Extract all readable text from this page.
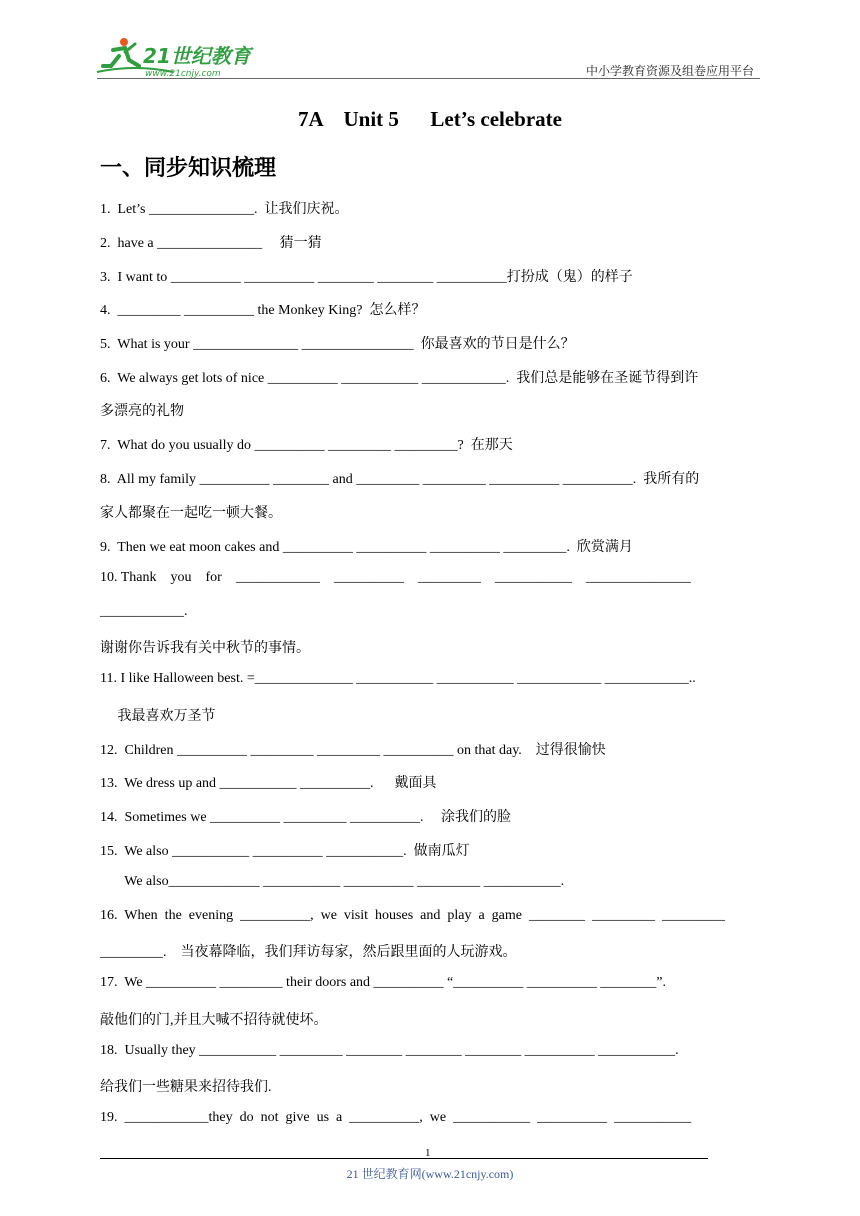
21世纪教育
www.21cnjy.com	中小学教育资源及组卷应用平台
7A    Unit 5      Let’s celebrate
一、同步知识梳理
1.  Let’s _______________.  让我们庆祝。
2.  have a _______________     猜一猜
3.  I want to __________ __________ ________ ________ __________打扮成（鬼）的样子
4.  _________ __________ the Monkey King?  怎么样？
5.  What is your _______________ ________________  你最喜欢的节日是什么？
6.  We always get lots of nice __________ ___________ ____________.  我们总是能够在圣诞节得到许
多漂亮的礼物
7.  What do you usually do __________ _________ _________?  在那天
8.  All my family __________ ________ and _________ _________ __________ __________.  我所有的
家人都聚在一起吃一顿大餐。
9.  Then we eat moon cakes and __________ __________ __________ _________.  欣赏满月
10. Thank    you    for    ____________    __________    _________    ___________    _______________
____________.
谢谢你告诉我有关中秋节的事情。
11. I like Halloween best. =______________ ___________ ___________ ____________ ____________..
我最喜欢万圣节
12.  Children __________ _________ _________ __________ on that day.    过得很愉快
13.  We dress up and ___________ __________.      戴面具
14.  Sometimes we __________ _________ __________.     涂我们的脸
15.  We also ___________ __________ ___________.  做南瓜灯
We also_____________ ___________ __________ _________ ___________.
16.  When  the  evening  __________,  we  visit  houses  and  play  a  game  ________  _________  _________
_________.    当夜幕降临，我们拜访每家，然后跟里面的人玩游戏。
17.  We __________ _________ their doors and __________ “__________ __________ ________”.
敲他们的门,并且大喊不招待就使坏。
18.  Usually they ___________ _________ ________ ________ ________ __________ ___________.
给我们一些糖果来招待我们.
19.  ____________they  do  not  give  us  a  __________,  we  ___________  __________  ___________
1
21 世纪教育网(www.21cnjy.com)
